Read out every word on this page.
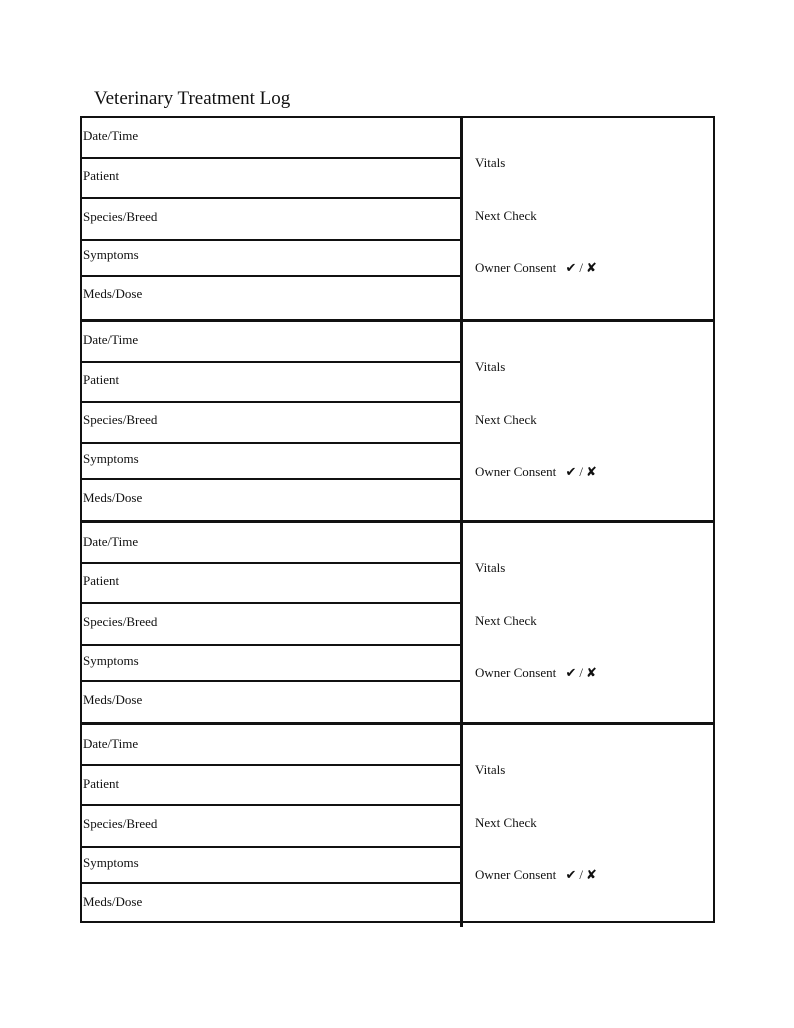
Veterinary Treatment Log
Date/Time
Patient
Species/Breed
Symptoms
Meds/Dose
Vitals
Next Check
Owner Consent ✔ / ✘
Date/Time
Patient
Species/Breed
Symptoms
Meds/Dose
Vitals
Next Check
Owner Consent ✔ / ✘
Date/Time
Patient
Species/Breed
Symptoms
Meds/Dose
Vitals
Next Check
Owner Consent ✔ / ✘
Date/Time
Patient
Species/Breed
Symptoms
Meds/Dose
Vitals
Next Check
Owner Consent ✔ / ✘
